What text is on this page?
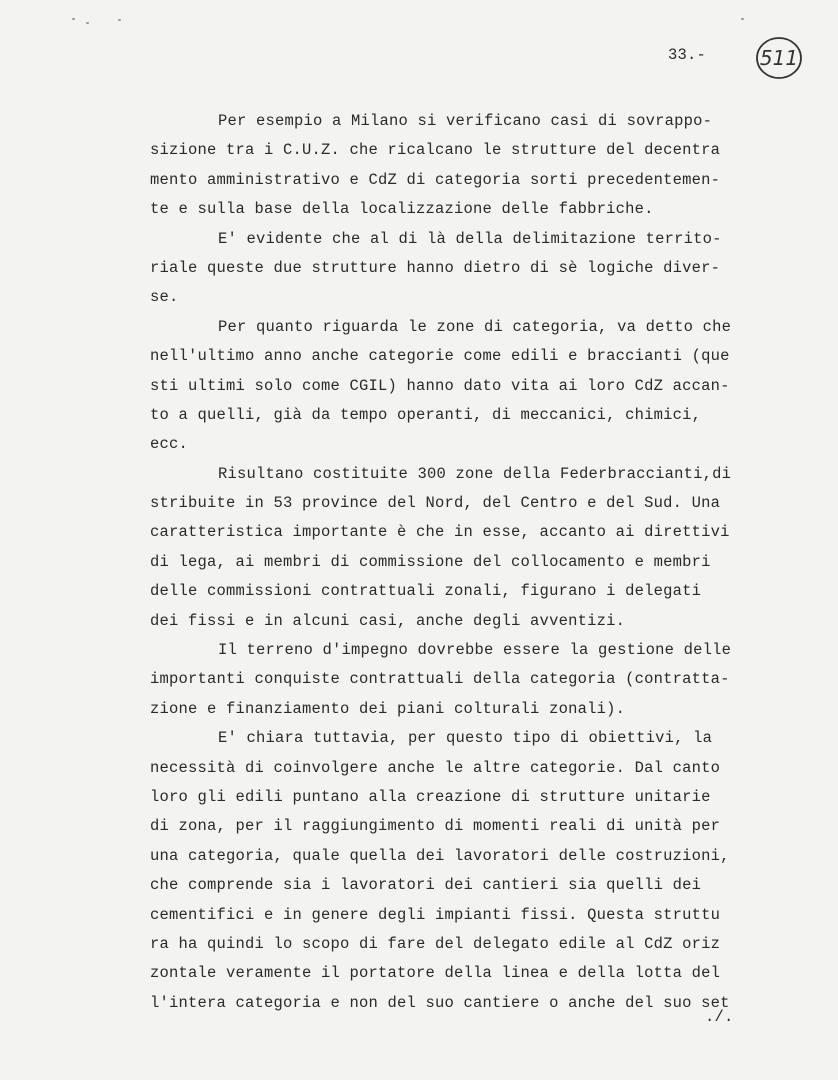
33.-	511
Per esempio a Milano si verificano casi di sovrappo-
sizione tra i C.U.Z. che ricalcano le strutture del decentra
mento amministrativo e CdZ di categoria sorti precedentemen-
te e sulla base della localizzazione delle fabbriche.
E' evidente che al di là della delimitazione territo-
riale queste due strutture hanno dietro di sè logiche diver-
se.
Per quanto riguarda le zone di categoria, va detto che
nell'ultimo anno anche categorie come edili e braccianti (que
sti ultimi solo come CGIL) hanno dato vita ai loro CdZ accan-
to a quelli, già da tempo operanti, di meccanici, chimici,
ecc.
Risultano costituite 300 zone della Federbraccianti,di
stribuite in 53 province del Nord, del Centro e del Sud. Una
caratteristica importante è che in esse, accanto ai direttivi
di lega, ai membri di commissione del collocamento e membri
delle commissioni contrattuali zonali, figurano i delegati
dei fissi e in alcuni casi, anche degli avventizi.
Il terreno d'impegno dovrebbe essere la gestione delle
importanti conquiste contrattuali della categoria (contratta-
zione e finanziamento dei piani colturali zonali).
E' chiara tuttavia, per questo tipo di obiettivi, la
necessità di coinvolgere anche le altre categorie. Dal canto
loro gli edili puntano alla creazione di strutture unitarie
di zona, per il raggiungimento di momenti reali di unità per
una categoria, quale quella dei lavoratori delle costruzioni,
che comprende sia i lavoratori dei cantieri sia quelli dei
cementifici e in genere degli impianti fissi. Questa struttu
ra ha quindi lo scopo di fare del delegato edile al CdZ oriz
zontale veramente il portatore della linea e della lotta del
l'intera categoria e non del suo cantiere o anche del suo set
./.
